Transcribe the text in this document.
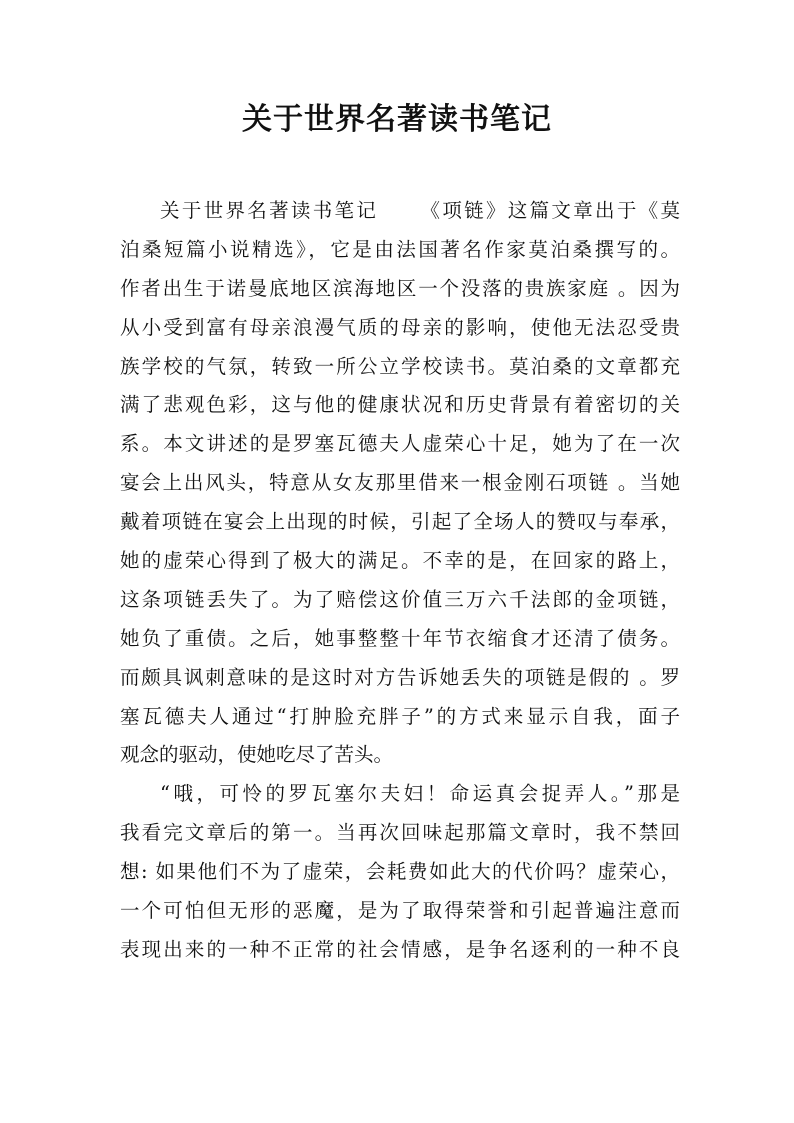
关于世界名著读书笔记
关于世界名著读书笔记 　　《项链》这篇文章出于《莫
泊桑短篇小说精选》，它是由法国著名作家莫泊桑撰写的。
作者出生于诺曼底地区滨海地区一个没落的贵族家庭 。因为
从小受到富有母亲浪漫气质的母亲的影响，使他无法忍受贵
族学校的气氛，转致一所公立学校读书。莫泊桑的文章都充
满了悲观色彩，这与他的健康状况和历史背景有着密切的关
系。本文讲述的是罗塞瓦德夫人虚荣心十足，她为了在一次
宴会上出风头，特意从女友那里借来一根金刚石项链 。当她
戴着项链在宴会上出现的时候，引起了全场人的赞叹与奉承，
她的虚荣心得到了极大的满足。不幸的是，在回家的路上，
这条项链丢失了。为了赔偿这价值三万六千法郎的金项链，
她负了重债。之后，她事整整十年节衣缩食才还清了债务。
而颇具讽刺意味的是这时对方告诉她丢失的项链是假的 。罗
塞瓦德夫人通过“打肿脸充胖子”的方式来显示自我，面子
观念的驱动，使她吃尽了苦头。
“哦，可怜的罗瓦塞尔夫妇！命运真会捉弄人。”那是
我看完文章后的第一。当再次回味起那篇文章时，我不禁回
想: 如果他们不为了虚荣，会耗费如此大的代价吗？虚荣心，
一个可怕但无形的恶魔，是为了取得荣誉和引起普遍注意而
表现出来的一种不正常的社会情感，是争名逐利的一种不良
